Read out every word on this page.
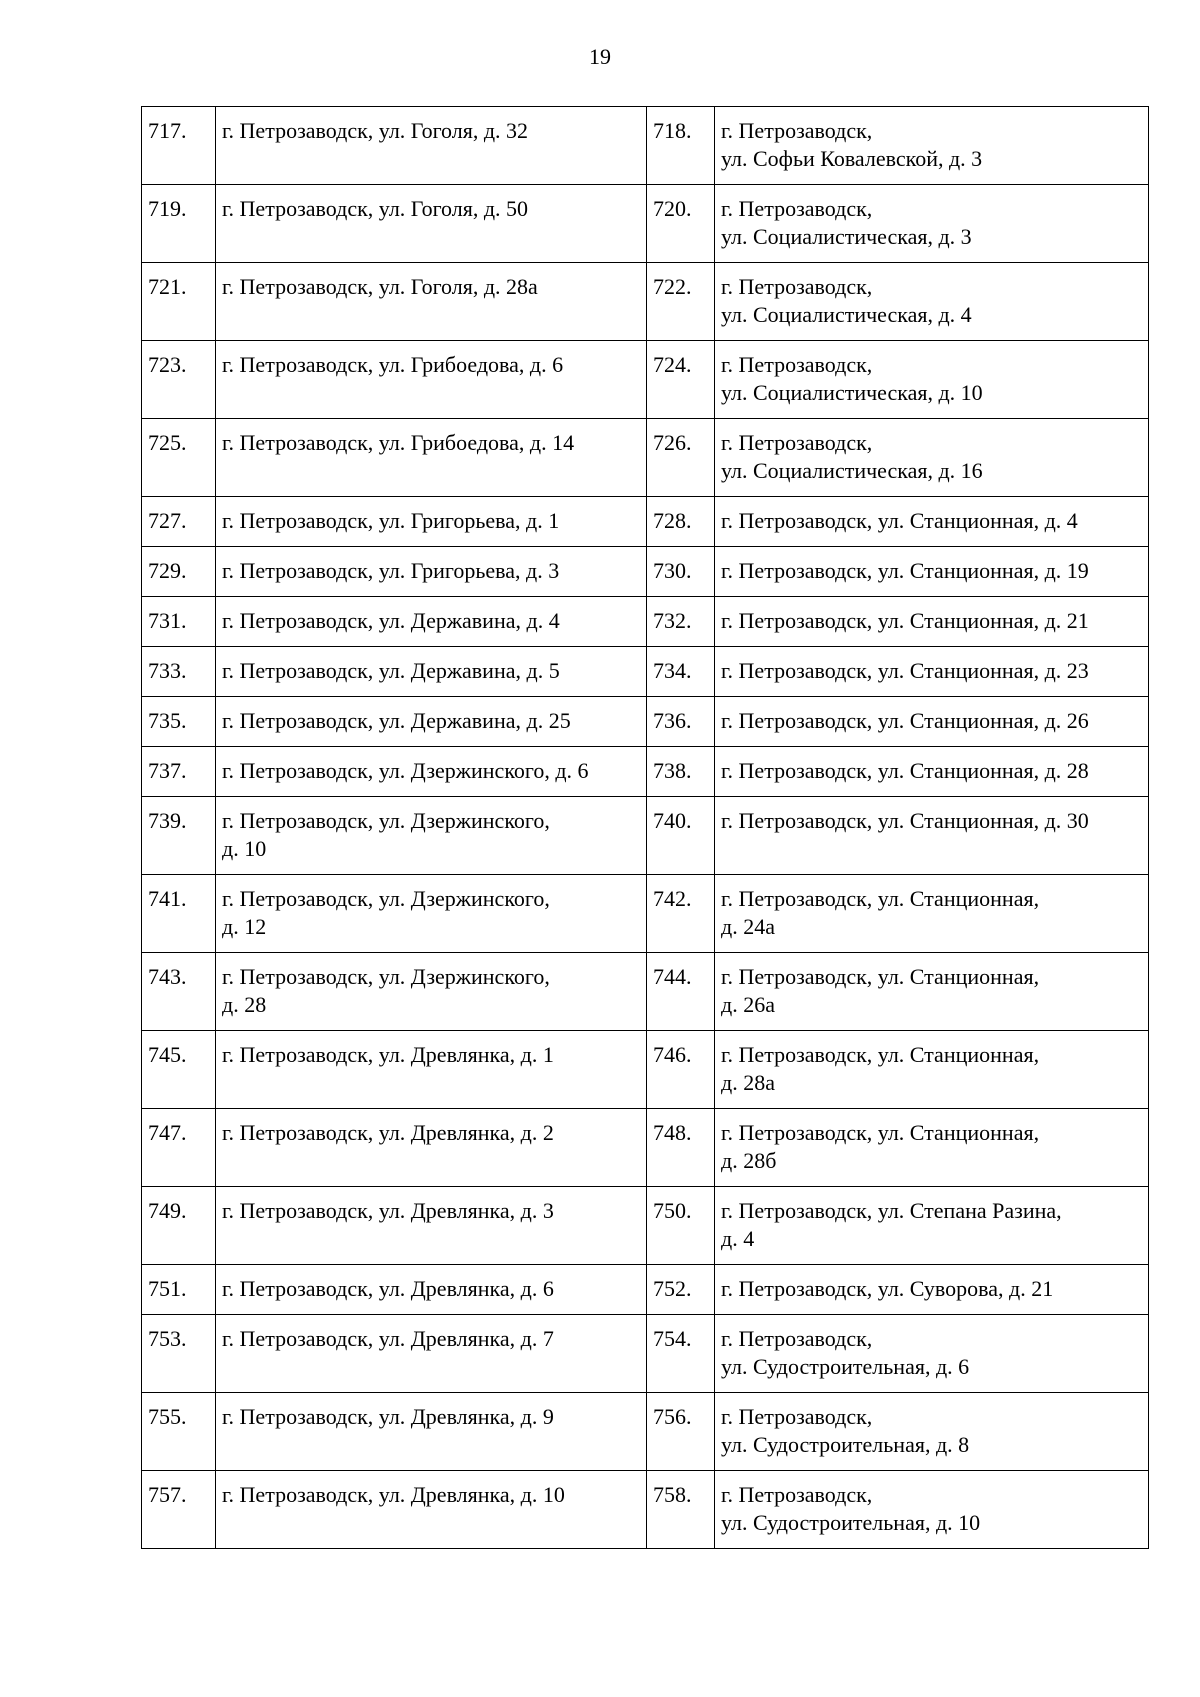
19
717.	г. Петрозаводск, ул. Гоголя, д. 32	718.	г. Петрозаводск,
ул. Софьи Ковалевской, д. 3

719.	г. Петрозаводск, ул. Гоголя, д. 50	720.	г. Петрозаводск,
ул. Социалистическая, д. 3

721.	г. Петрозаводск, ул. Гоголя, д. 28а	722.	г. Петрозаводск,
ул. Социалистическая, д. 4

723.	г. Петрозаводск, ул. Грибоедова, д. 6	724.	г. Петрозаводск,
ул. Социалистическая, д. 10

725.	г. Петрозаводск, ул. Грибоедова, д. 14	726.	г. Петрозаводск,
ул. Социалистическая, д. 16

727.	г. Петрозаводск, ул. Григорьева, д. 1	728.	г. Петрозаводск, ул. Станционная, д. 4

729.	г. Петрозаводск, ул. Григорьева, д. 3	730.	г. Петрозаводск, ул. Станционная, д. 19

731.	г. Петрозаводск, ул. Державина, д. 4	732.	г. Петрозаводск, ул. Станционная, д. 21

733.	г. Петрозаводск, ул. Державина, д. 5	734.	г. Петрозаводск, ул. Станционная, д. 23

735.	г. Петрозаводск, ул. Державина, д. 25	736.	г. Петрозаводск, ул. Станционная, д. 26

737.	г. Петрозаводск, ул. Дзержинского, д. 6	738.	г. Петрозаводск, ул. Станционная, д. 28

739.	г. Петрозаводск, ул. Дзержинского,
д. 10	740.	г. Петрозаводск, ул. Станционная, д. 30

741.	г. Петрозаводск, ул. Дзержинского,
д. 12	742.	г. Петрозаводск, ул. Станционная,
д. 24а

743.	г. Петрозаводск, ул. Дзержинского,
д. 28	744.	г. Петрозаводск, ул. Станционная,
д. 26а

745.	г. Петрозаводск, ул. Древлянка, д. 1	746.	г. Петрозаводск, ул. Станционная,
д. 28а

747.	г. Петрозаводск, ул. Древлянка, д. 2	748.	г. Петрозаводск, ул. Станционная,
д. 28б

749.	г. Петрозаводск, ул. Древлянка, д. 3	750.	г. Петрозаводск, ул. Степана Разина,
д. 4

751.	г. Петрозаводск, ул. Древлянка, д. 6	752.	г. Петрозаводск, ул. Суворова, д. 21

753.	г. Петрозаводск, ул. Древлянка, д. 7	754.	г. Петрозаводск,
ул. Судостроительная, д. 6

755.	г. Петрозаводск, ул. Древлянка, д. 9	756.	г. Петрозаводск,
ул. Судостроительная, д. 8

757.	г. Петрозаводск, ул. Древлянка, д. 10	758.	г. Петрозаводск,
ул. Судостроительная, д. 10
